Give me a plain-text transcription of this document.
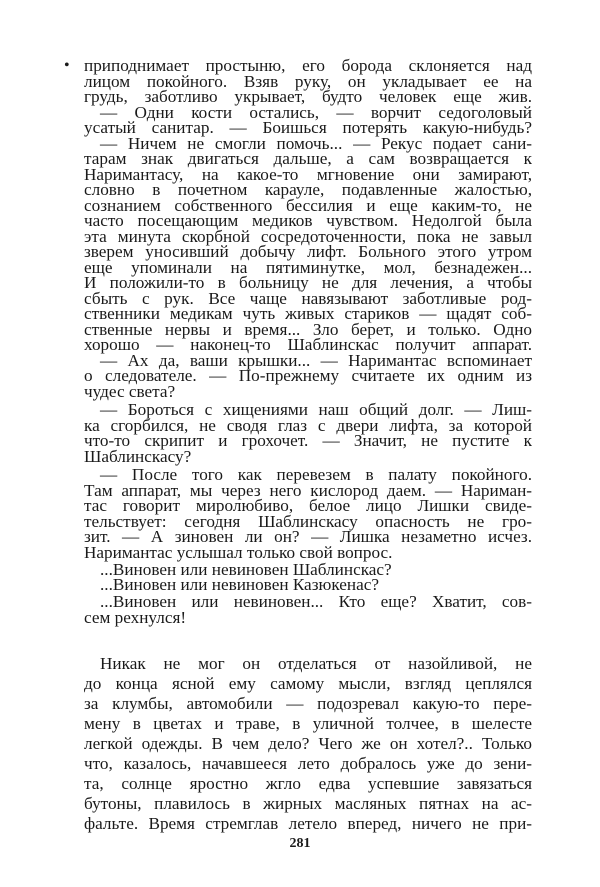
• приподнимает простыню, его борода склоняется над
лицом покойного. Взяв руку, он укладывает ее на
грудь, заботливо укрывает, будто человек еще жив.
— Одни кости остались, — ворчит седоголовый
усатый санитар. — Боишься потерять какую-нибудь?
— Ничем не смогли помочь... — Рекус подает сани-
тарам знак двигаться дальше, а сам возвращается к
Наримантасу, на какое-то мгновение они замирают,
словно в почетном карауле, подавленные жалостью,
сознанием собственного бессилия и еще каким-то, не
часто посещающим медиков чувством. Недолгой была
эта минута скорбной сосредоточенности, пока не завыл
зверем уносивший добычу лифт. Больного этого утром
еще упоминали на пятиминутке, мол, безнадежен...
И положили-то в больницу не для лечения, а чтобы
сбыть с рук. Все чаще навязывают заботливые род-
ственники медикам чуть живых стариков — щадят соб-
ственные нервы и время... Зло берет, и только. Одно
хорошо — наконец-то Шаблинскас получит аппарат.
— Ах да, ваши крышки... — Наримантас вспоминает
о следователе. — По-прежнему считаете их одним из
чудес света?
— Бороться с хищениями наш общий долг. — Лиш-
ка сгорбился, не сводя глаз с двери лифта, за которой
что-то скрипит и грохочет. — Значит, не пустите к
Шаблинскасу?
— После того как перевезем в палату покойного.
Там аппарат, мы через него кислород даем. — Нариман-
тас говорит миролюбиво, белое лицо Лишки свиде-
тельствует: сегодня Шаблинскасу опасность не гро-
зит. — А зиновен ли он? — Лишка незаметно исчез.
Наримантас услышал только свой вопрос.
...Виновен или невиновен Шаблинскас?
...Виновен или невиновен Казюкенас?
...Виновен или невиновен... Кто еще? Хватит, сов-
сем рехнулся!
281
Никак не мог он отделаться от назойливой, не
до конца ясной ему самому мысли, взгляд цеплялся
за клумбы, автомобили — подозревал какую-то пере-
мену в цветах и траве, в уличной толчее, в шелесте
легкой одежды. В чем дело? Чего же он хотел?.. Только
что, казалось, начавшееся лето добралось уже до зени-
та, солнце яростно жгло едва успевшие завязаться
бутоны, плавилось в жирных масляных пятнах на ас-
фальте. Время стремглав летело вперед, ничего не при-
